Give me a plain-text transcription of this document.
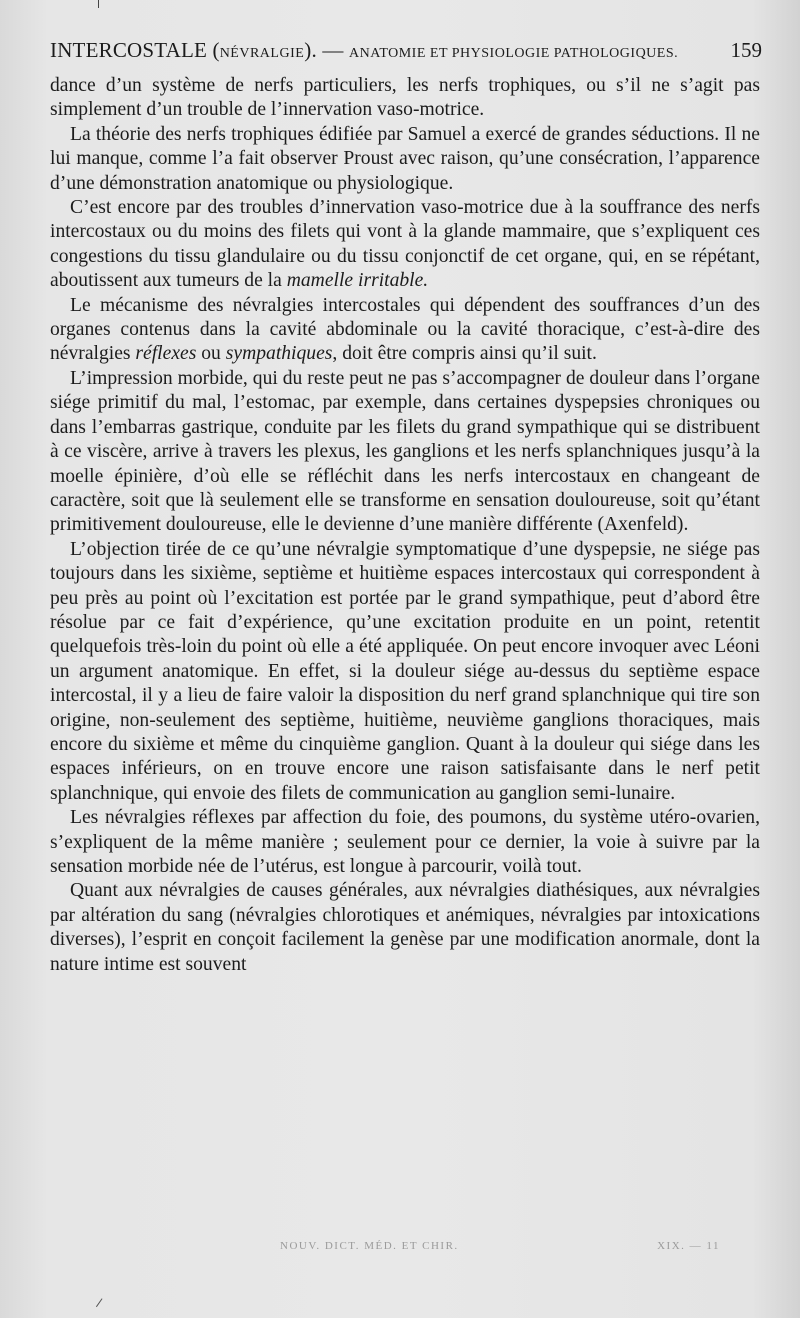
INTERCOSTALE (NÉVRALGIE). — ANATOMIE ET PHYSIOLOGIE PATHOLOGIQUES. 159

dance d’un système de nerfs particuliers, les nerfs trophiques, ou s’il ne s’agit pas simplement d’un trouble de l’innervation vaso-motrice.

La théorie des nerfs trophiques édifiée par Samuel a exercé de grandes séductions. Il ne lui manque, comme l’a fait observer Proust avec raison, qu’une consécration, l’apparence d’une démonstration anatomique ou physiologique.

C’est encore par des troubles d’innervation vaso-motrice due à la souffrance des nerfs intercostaux ou du moins des filets qui vont à la glande mammaire, que s’expliquent ces congestions du tissu glandulaire ou du tissu conjonctif de cet organe, qui, en se répétant, aboutissent aux tumeurs de la mamelle irritable.

Le mécanisme des névralgies intercostales qui dépendent des souffrances d’un des organes contenus dans la cavité abdominale ou la cavité thoracique, c’est-à-dire des névralgies réflexes ou sympathiques, doit être compris ainsi qu’il suit.

L’impression morbide, qui du reste peut ne pas s’accompagner de douleur dans l’organe siége primitif du mal, l’estomac, par exemple, dans certaines dyspepsies chroniques ou dans l’embarras gastrique, conduite par les filets du grand sympathique qui se distribuent à ce viscère, arrive à travers les plexus, les ganglions et les nerfs splanchniques jusqu’à la moelle épinière, d’où elle se réfléchit dans les nerfs intercostaux en changeant de caractère, soit que là seulement elle se transforme en sensation douloureuse, soit qu’étant primitivement douloureuse, elle le devienne d’une manière différente (Axenfeld).

L’objection tirée de ce qu’une névralgie symptomatique d’une dyspepsie, ne siége pas toujours dans les sixième, septième et huitième espaces intercostaux qui correspondent à peu près au point où l’excitation est portée par le grand sympathique, peut d’abord être résolue par ce fait d’expérience, qu’une excitation produite en un point, retentit quelquefois très-loin du point où elle a été appliquée. On peut encore invoquer avec Léoni un argument anatomique. En effet, si la douleur siége au-dessus du septième espace intercostal, il y a lieu de faire valoir la disposition du nerf grand splanchnique qui tire son origine, non-seulement des septième, huitième, neuvième ganglions thoraciques, mais encore du sixième et même du cinquième ganglion. Quant à la douleur qui siége dans les espaces inférieurs, on en trouve encore une raison satisfaisante dans le nerf petit splanchnique, qui envoie des filets de communication au ganglion semi-lunaire.

Les névralgies réflexes par affection du foie, des poumons, du système utéro-ovarien, s’expliquent de la même manière ; seulement pour ce dernier, la voie à suivre par la sensation morbide née de l’utérus, est longue à parcourir, voilà tout.

Quant aux névralgies de causes générales, aux névralgies diathésiques, aux névralgies par altération du sang (névralgies chlorotiques et anémiques, névralgies par intoxications diverses), l’esprit en conçoit facilement la genèse par une modification anormale, dont la nature intime est souvent

NOUV. DICT. MÉD. ET CHIR.	XIX. — 11
